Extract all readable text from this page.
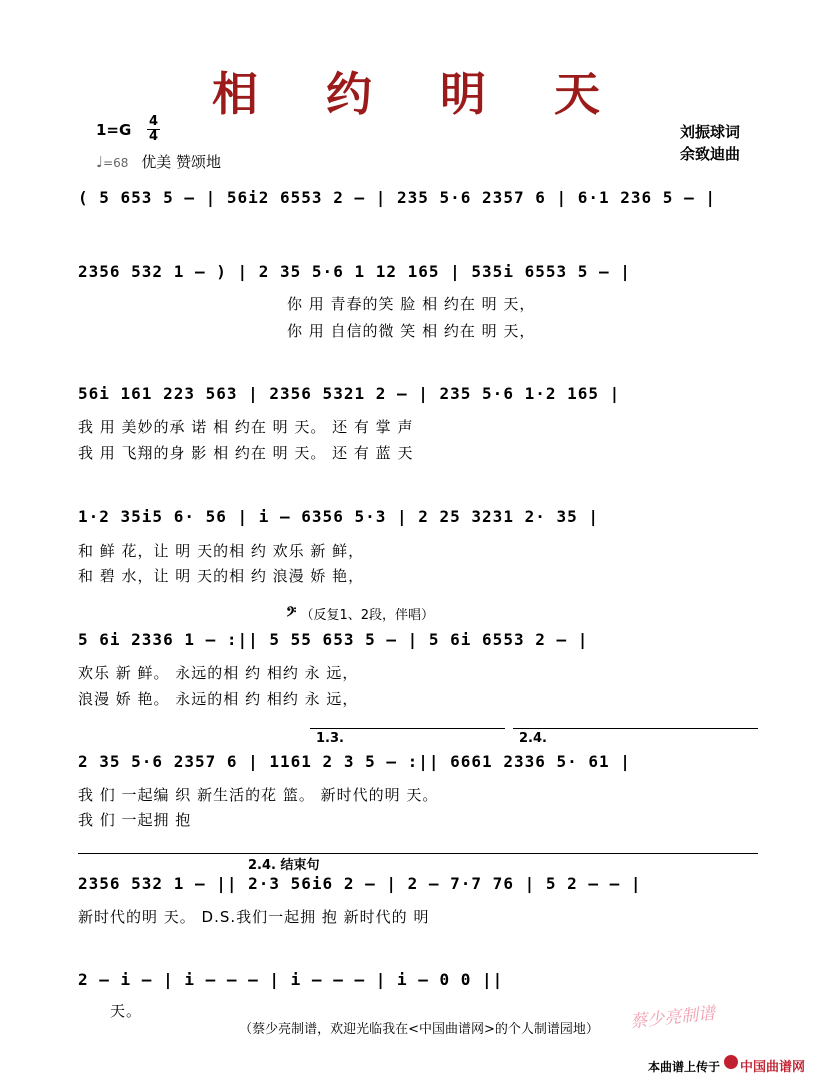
相 约 明 天
1=G 4
4
♩=68 优美 赞颂地
刘振球词
余致迪曲
( 5 653 5 – | 56i2 6553 2 – | 235 5·6 2357 6 | 6·1 236 5 – |
2356 532 1 – ) | 2 35 5·6 1 12 165 | 535i 6553 5 – |
你 用 青春的笑 脸 相 约在 明 天，
你 用 自信的微 笑 相 约在 明 天，
56i 161 223 563 | 2356 5321 2 – | 235 5·6 1·2 165 |
我 用 美妙的承 诺 相 约在 明 天。 还 有 掌 声
我 用 飞翔的身 影 相 约在 明 天。 还 有 蓝 天
1·2 35i5 6· 56 | i – 6356 5·3 | 2 25 3231 2· 35 |
和 鲜 花，让 明 天的相 约 欢乐 新 鲜，
和 碧 水，让 明 天的相 约 浪漫 娇 艳，
𝄢 （反复1、2段，伴唱）
5 6i 2336 1 – :|| 5 55 653 5 – | 5 6i 6553 2 – |
欢乐 新 鲜。 永远的相 约 相约 永 远，
浪漫 娇 艳。 永远的相 约 相约 永 远，
1.3.	2.4.
2 35 5·6 2357 6 | 1161 2 3 5 – :|| 6661 2336 5· 61 |
我 们 一起编 织 新生活的花 篮。 新时代的明 天。
我 们 一起拥 抱
2.4. 结束句
2356 532 1 – || 2·3 56i6 2 – | 2 – 7·7 76 | 5 2 – – |
新时代的明 天。 D.S.我们一起拥 抱 新时代的 明
2 – i – | i – – – | i – – – | i – 0 0 ||
天。	蔡少亮制谱
（蔡少亮制谱，欢迎光临我在<中国曲谱网>的个人制谱园地）
本曲谱上传于 中国曲谱网
